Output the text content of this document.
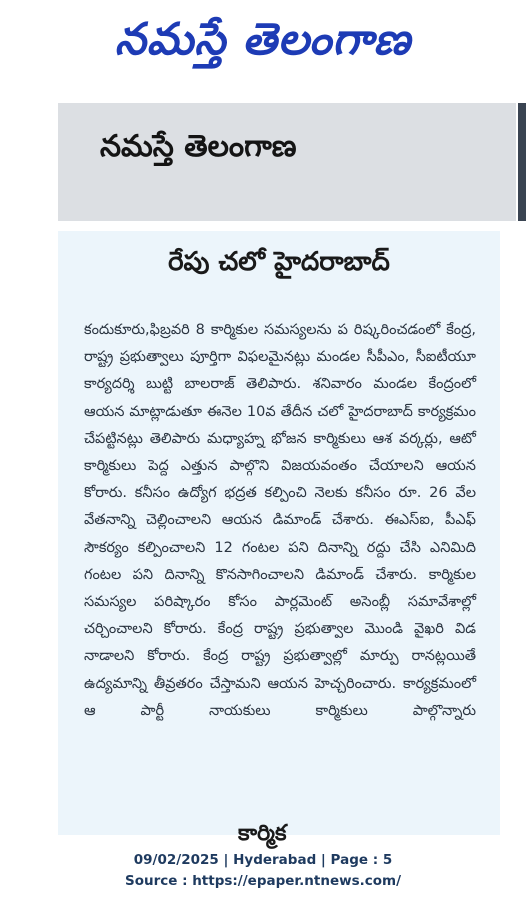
నమస్తే తెలంగాణ
నమస్తే తెలంగాణ
రేపు చలో హైదరాబాద్

కందుకూరు,ఫిబ్రవరి 8 కార్మికుల సమస్యలను ప రిష్కరించడంలో కేంద్ర, రాష్ట్ర ప్రభుత్వాలు పూర్తిగా విఫలమైనట్లు మండల సీపీఎం, సీఐటీయూ కార్యదర్శి బుట్టి బాలరాజ్ తెలిపారు. శనివారం మండల కేంద్రంలో ఆయన మాట్లాడుతూ ఈనెల 10వ తేదీన చలో హైదరాబాద్ కార్యక్రమం చేపట్టినట్లు తెలిపారు మధ్యాహ్న భోజన కార్మికులు ఆశ వర్కర్లు, ఆటో కార్మికులు పెద్ద ఎత్తున పాల్గొని విజయవంతం చేయాలని ఆయన కోరారు. కనీసం ఉద్యోగ భద్రత కల్పించి నెలకు కనీసం రూ. 26 వేల వేతనాన్ని చెల్లించాలని ఆయన డిమాండ్ చేశారు. ఈఎస్ఐ, పీఎఫ్ సౌకర్యం కల్పించాలని 12 గంటల పని దినాన్ని రద్దు చేసి ఎనిమిది గంటల పని దినాన్ని కొనసాగించాలని డిమాండ్ చేశారు. కార్మికుల సమస్యల పరిష్కారం కోసం పార్లమెంట్ అసెంబ్లీ సమావేశాల్లో చర్చించాలని కోరారు. కేంద్ర రాష్ట్ర ప్రభుత్వాల మొండి వైఖరి విడ నాడాలని కోరారు. కేంద్ర రాష్ట్ర ప్రభుత్వాల్లో మార్పు రానట్లయితే ఉద్యమాన్ని తీవ్రతరం చేస్తామని ఆయన హెచ్చరించారు. కార్యక్రమంలో ఆ పార్టీ నాయకులు కార్మికులు పాల్గొన్నారు

కార్మిక
09/02/2025 | Hyderabad | Page : 5
Source : https://epaper.ntnews.com/
